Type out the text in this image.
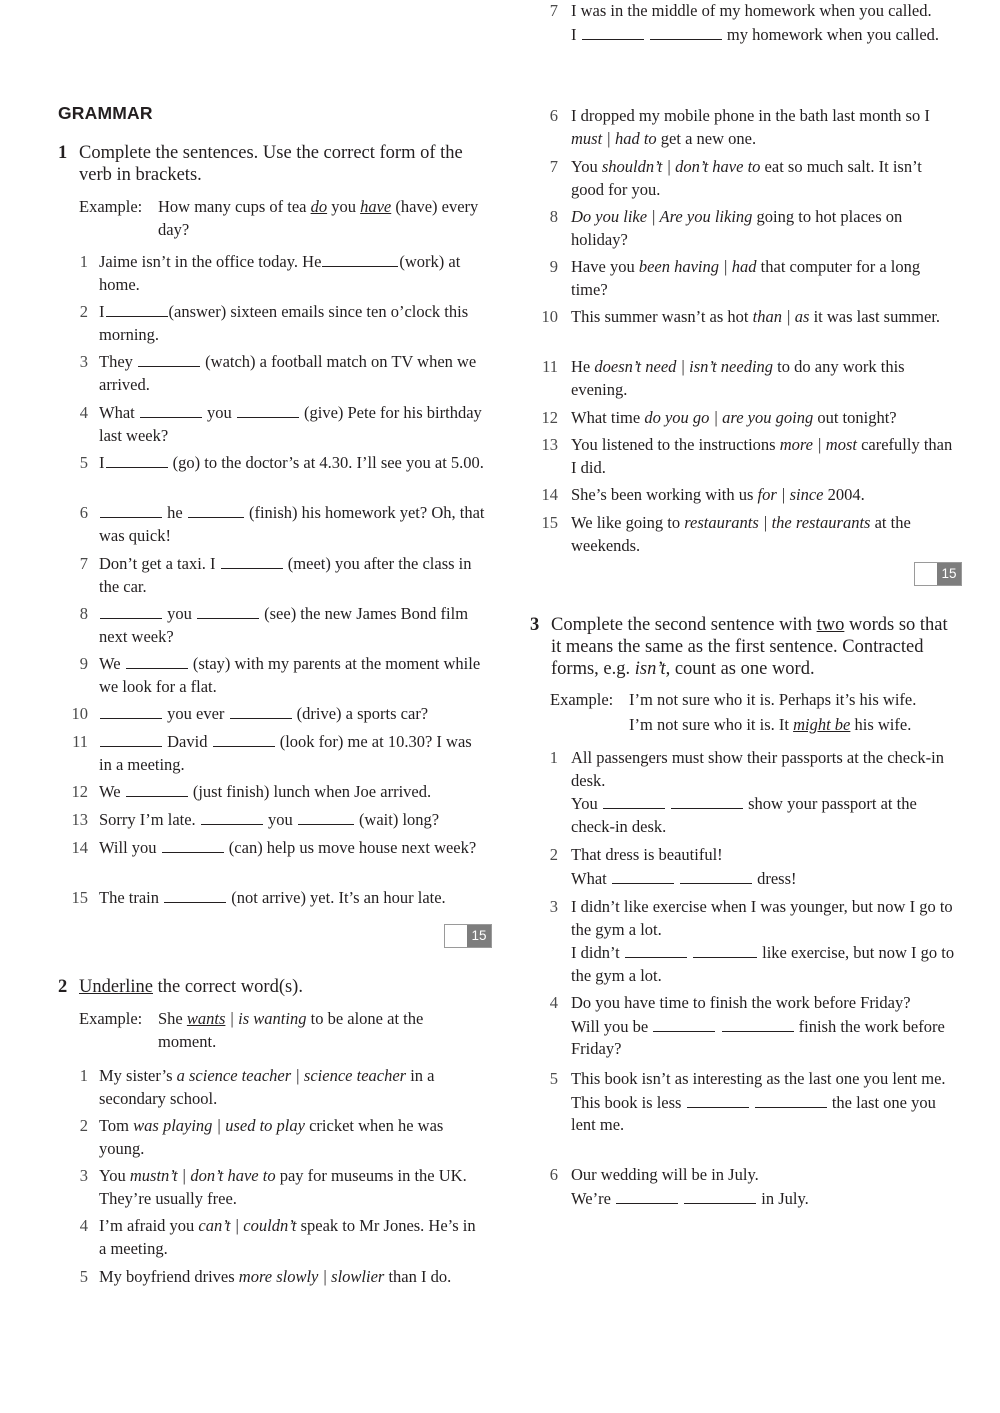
GRAMMAR
1 Complete the sentences. Use the correct form of the verb in brackets.
Example: How many cups of tea do you have (have) every day?
1 Jaime isn’t in the office today. He	(work) at home.
2 I	(answer) sixteen emails since ten o’clock this morning.
3 They	(watch) a football match on TV when we arrived.
4 What	you	(give) Pete for his birthday last week?
5 I	(go) to the doctor’s at 4.30. I’ll see you at 5.00.
6	he	(finish) his homework yet? Oh, that was quick!
7 Don’t get a taxi. I	(meet) you after the class in the car.
8	you	(see) the new James Bond film next week?
9 We	(stay) with my parents at the moment while we look for a flat.
10	you ever	(drive) a sports car?
11	David	(look for) me at 10.30? I was in a meeting.
12 We	(just finish) lunch when Joe arrived.
13 Sorry I’m late.	you	(wait) long?
14 Will you	(can) help us move house next week?
15 The train	(not arrive) yet. It’s an hour late.
15
2 Underline the correct word(s).
Example: She wants | is wanting to be alone at the moment.
1 My sister’s a science teacher | science teacher in a secondary school.
2 Tom was playing | used to play cricket when he was young.
3 You mustn’t | don’t have to pay for museums in the UK. They’re usually free.
4 I’m afraid you can’t | couldn’t speak to Mr Jones. He’s in a meeting.
5 My boyfriend drives more slowly | slowlier than I do.
6 I dropped my mobile phone in the bath last month so I must | had to get a new one.
7 You shouldn’t | don’t have to eat so much salt. It isn’t good for you.
8 Do you like | Are you liking going to hot places on holiday?
9 Have you been having | had that computer for a long time?
10 This summer wasn’t as hot than | as it was last summer.
11 He doesn’t need | isn’t needing to do any work this evening.
12 What time do you go | are you going out tonight?
13 You listened to the instructions more | most carefully than I did.
14 She’s been working with us for | since 2004.
15 We like going to restaurants | the restaurants at the weekends.
15
3 Complete the second sentence with two words so that it means the same as the first sentence. Contracted forms, e.g. isn’t, count as one word.
Example: I’m not sure who it is. Perhaps it’s his wife.
I’m not sure who it is. It might be his wife.
1 All passengers must show their passports at the check-in desk.
You	show your passport at the check-in desk.
2 That dress is beautiful!
What	dress!
3 I didn’t like exercise when I was younger, but now I go to the gym a lot.
I didn’t	like exercise, but now I go to the gym a lot.
4 Do you have time to finish the work before Friday?
Will you be	finish the work before Friday?
5 This book isn’t as interesting as the last one you lent me.
This book is less	the last one you lent me.
6 Our wedding will be in July.
We’re	in July.
7 I was in the middle of my homework when you called.
I	my homework when you called.
